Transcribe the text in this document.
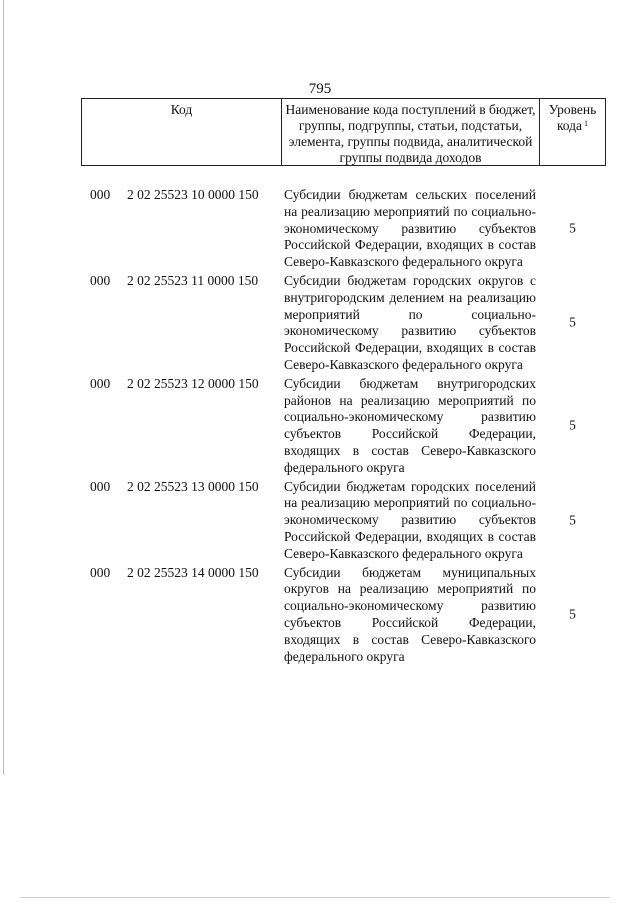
795
Код	Наименование кода поступлений в бюджет, группы, подгруппы, статьи, подстатьи, элемента, группы подвида, аналитической группы подвида доходов
Уровень кода $^1$
000 2 02 25523 10 0000 150 Субсидии бюджетам сельских поселений на реализацию мероприятий по социально-экономическому развитию субъектов Российской Федерации, входящих в состав Северо-Кавказского федерального округа
5
000 2 02 25523 11 0000 150 Субсидии бюджетам городских округов с внутригородским делением на реализацию мероприятий по социально-экономическому развитию субъектов Российской Федерации, входящих в состав Северо-Кавказского федерального округа
5
000 2 02 25523 12 0000 150 Субсидии бюджетам внутригородских районов на реализацию мероприятий по социально-экономическому развитию субъектов Российской Федерации, входящих в состав Северо-Кавказского федерального округа
5
000 2 02 25523 13 0000 150 Субсидии бюджетам городских поселений на реализацию мероприятий по социально-экономическому развитию субъектов Российской Федерации, входящих в состав Северо-Кавказского федерального округа
5
000 2 02 25523 14 0000 150 Субсидии бюджетам муниципальных округов на реализацию мероприятий по социально-экономическому развитию субъектов Российской Федерации, входящих в состав Северо-Кавказского федерального округа
5
